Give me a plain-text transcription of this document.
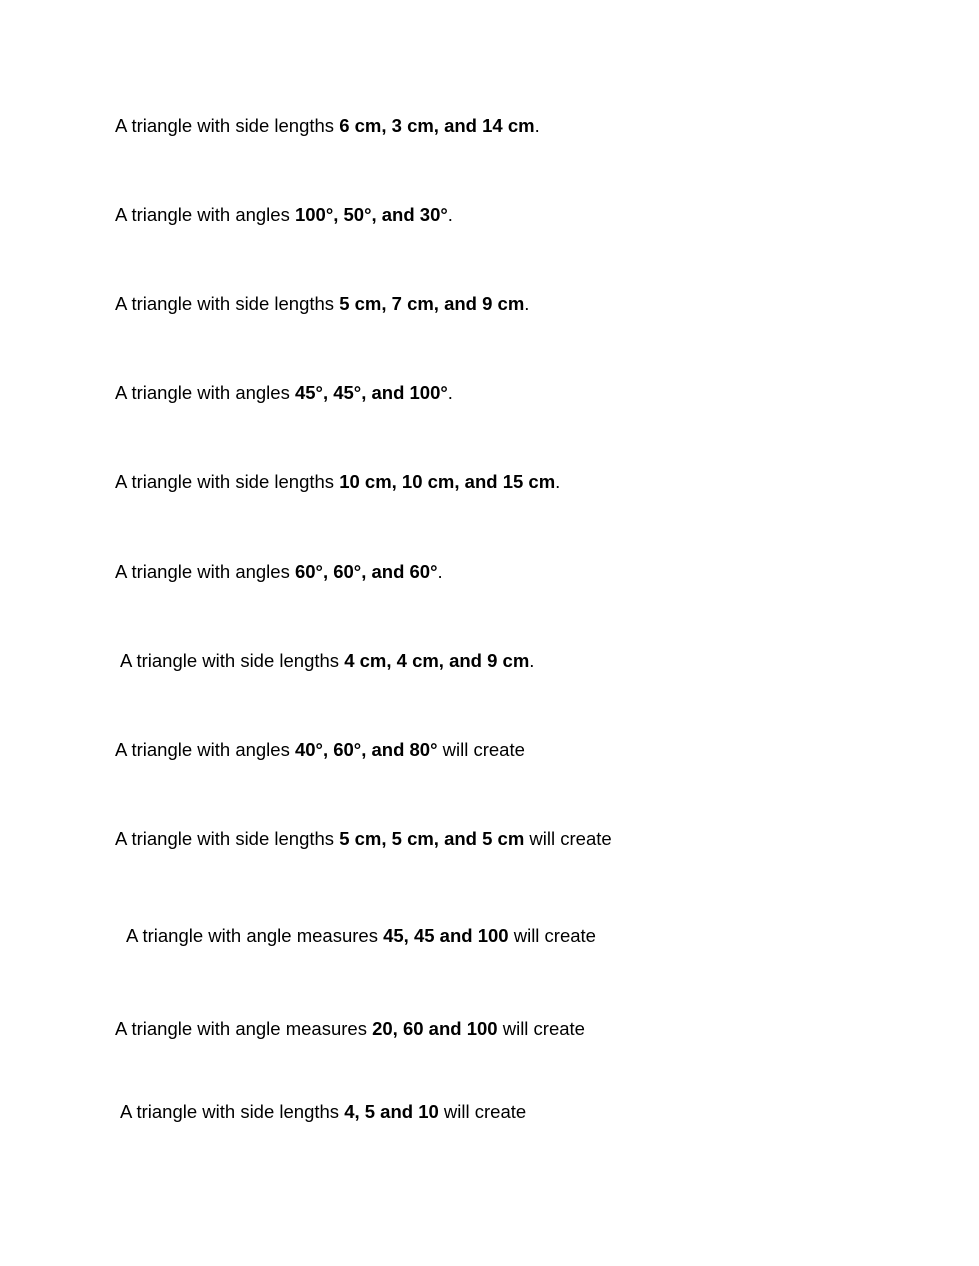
A triangle with side lengths 6 cm, 3 cm, and 14 cm.
A triangle with angles 100°, 50°, and 30°.
A triangle with side lengths 5 cm, 7 cm, and 9 cm.
A triangle with angles 45°, 45°, and 100°.
A triangle with side lengths 10 cm, 10 cm, and 15 cm.
A triangle with angles 60°, 60°, and 60°.
A triangle with side lengths 4 cm, 4 cm, and 9 cm.
A triangle with angles 40°, 60°, and 80° will create
A triangle with side lengths 5 cm, 5 cm, and 5 cm will create
A triangle with angle measures 45, 45 and 100 will create
A triangle with angle measures 20, 60 and 100 will create
A triangle with side lengths 4, 5 and 10 will create
